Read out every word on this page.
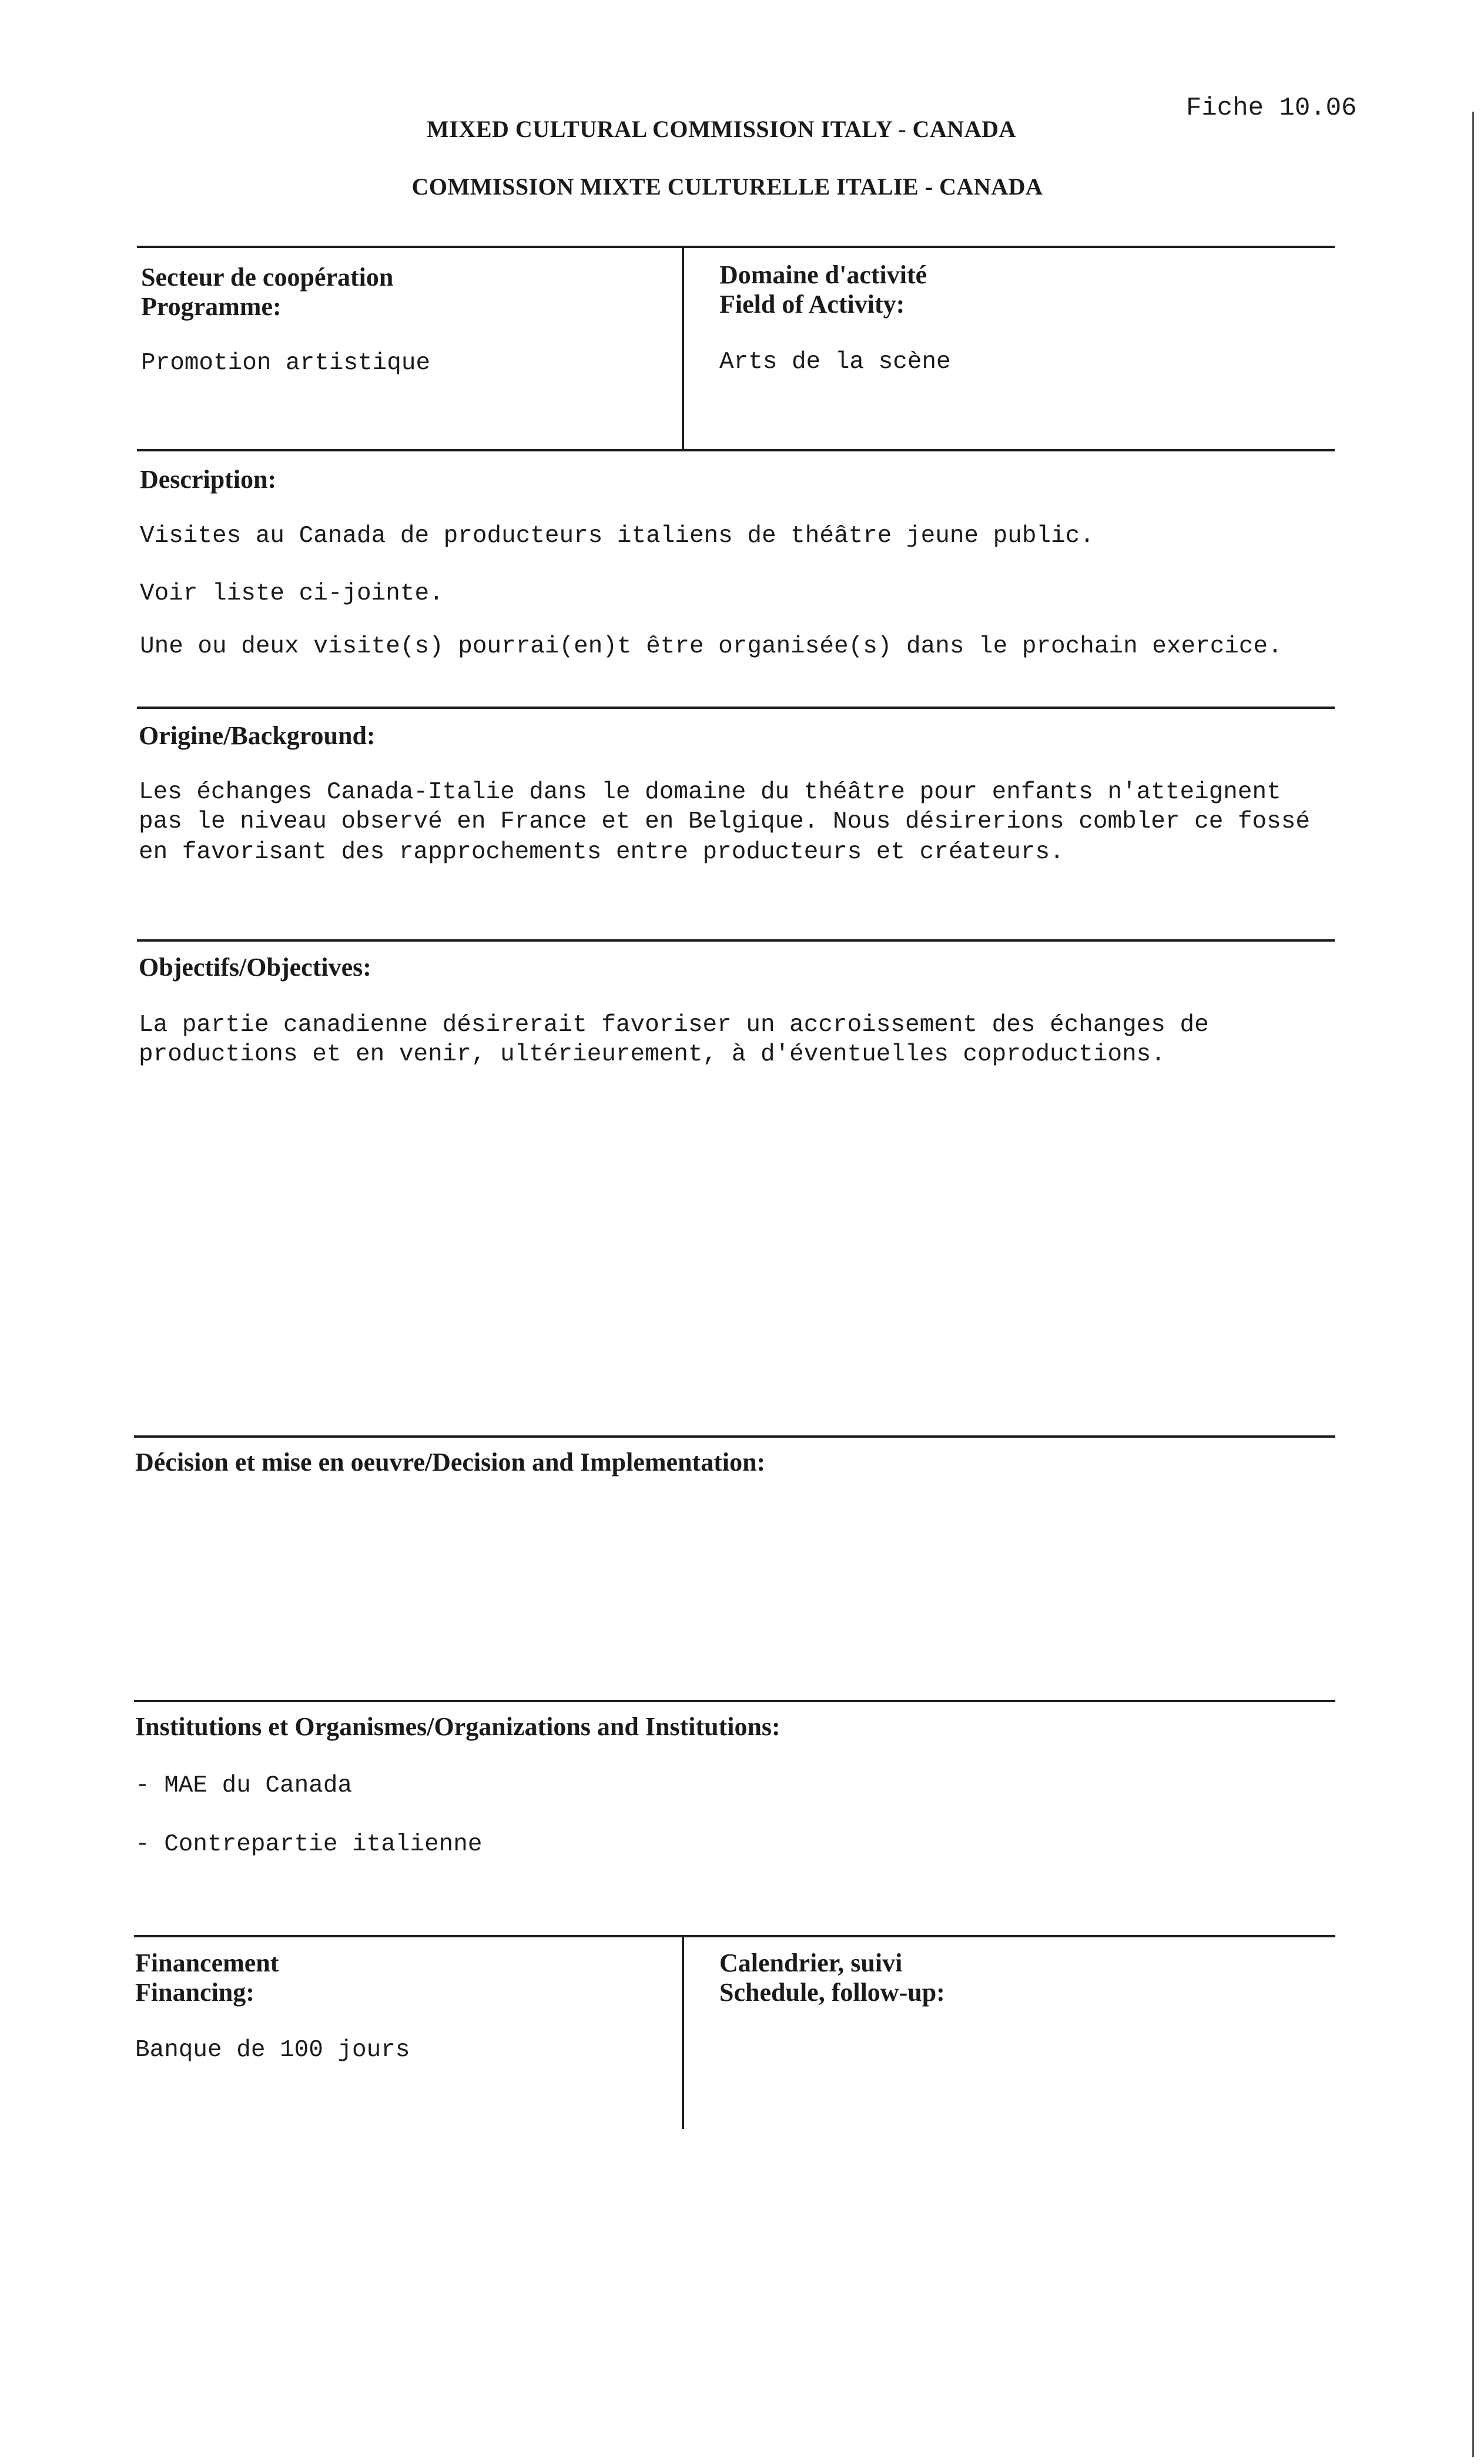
Fiche 10.06
MIXED CULTURAL COMMISSION ITALY - CANADA
COMMISSION MIXTE CULTURELLE ITALIE - CANADA
Secteur de coopération
Programme:
Promotion artistique
Domaine d'activité
Field of Activity:
Arts de la scène
Description:
Visites au Canada de producteurs italiens de théâtre jeune public.
Voir liste ci-jointe.
Une ou deux visite(s) pourrai(en)t être organisée(s) dans le prochain exercice.
Origine/Background:
Les échanges Canada-Italie dans le domaine du théâtre pour enfants n'atteignent
pas le niveau observé en France et en Belgique. Nous désirerions combler ce fossé
en favorisant des rapprochements entre producteurs et créateurs.
Objectifs/Objectives:
La partie canadienne désirerait favoriser un accroissement des échanges de
productions et en venir, ultérieurement, à d'éventuelles coproductions.
Décision et mise en oeuvre/Decision and Implementation:
Institutions et Organismes/Organizations and Institutions:
- MAE du Canada
- Contrepartie italienne
Financement
Financing:
Banque de 100 jours
Calendrier, suivi
Schedule, follow-up:
